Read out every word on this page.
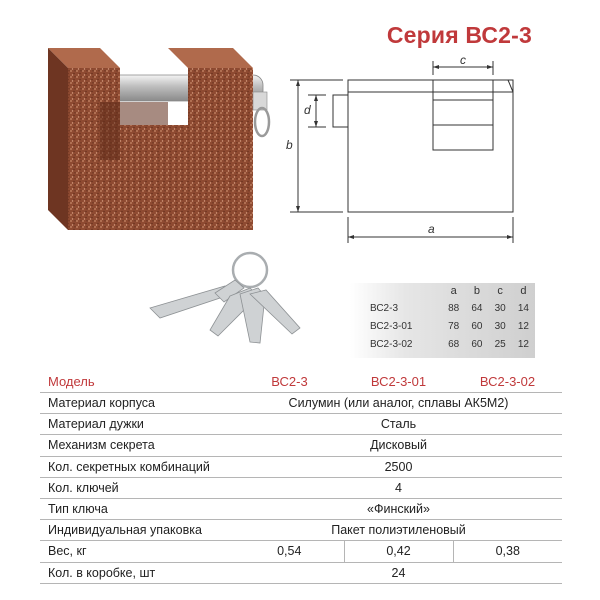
Серия ВС2-3
c
d
b
a
	a	b	c	d
ВС2-3	88	64	30	14
ВС2-3-01	78	60	30	12
ВС2-3-02	68	60	25	12
Модель	ВС2-3	ВС2-3-01	ВС2-3-02
Материал корпуса	Силумин (или аналог, сплавы АК5М2)		
Материал дужки	Сталь		
Механизм секрета	Дисковый		
Кол. секретных комбинаций	2500		
Кол. ключей	4		
Тип ключа	«Финский»		
Индивидуальная упаковка	Пакет полиэтиленовый		
Вес, кг	0,54	0,42	0,38
Кол. в коробке, шт	24		
